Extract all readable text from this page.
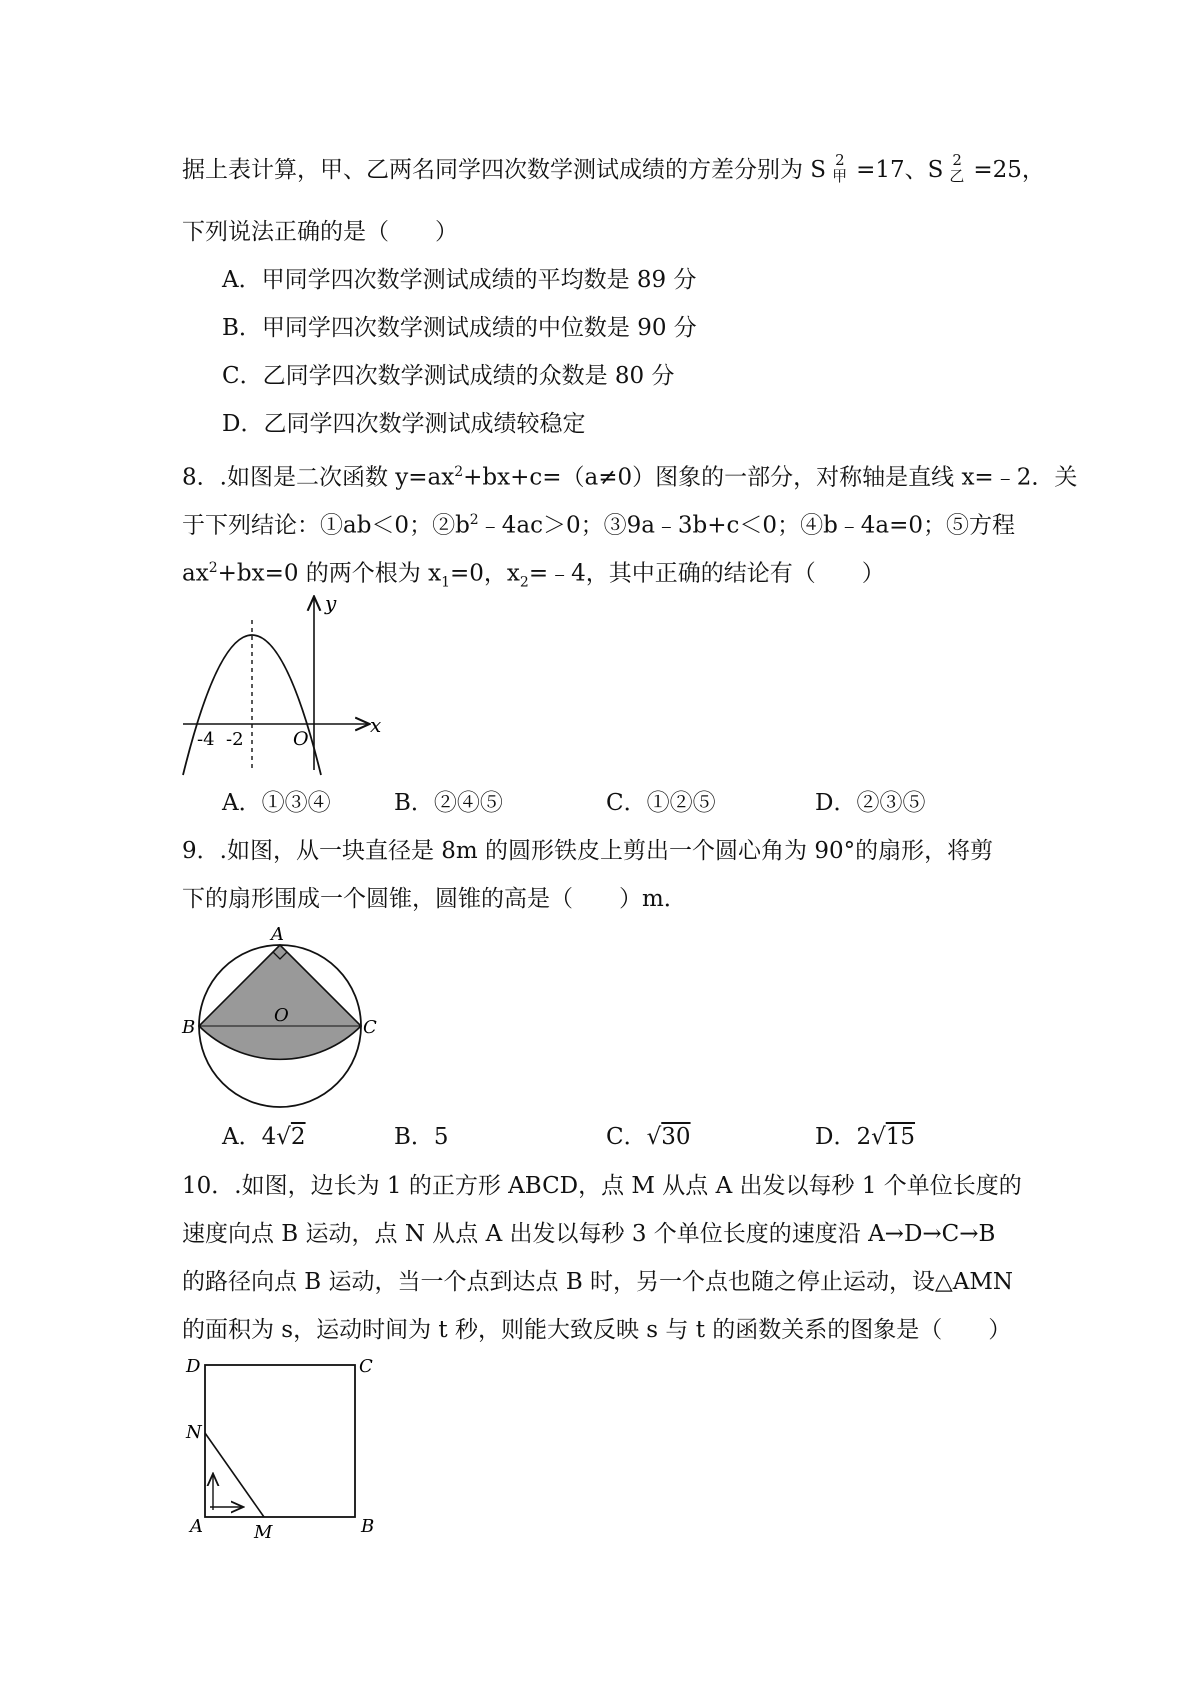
据上表计算，甲、乙两名同学四次数学测试成绩的方差分别为 S 2
甲 =17、S 2
乙 =25，
下列说法正确的是（　　）
A．甲同学四次数学测试成绩的平均数是 89 分
B．甲同学四次数学测试成绩的中位数是 90 分
C．乙同学四次数学测试成绩的众数是 80 分
D．乙同学四次数学测试成绩较稳定
8．.如图是二次函数 $y=ax^2+bx+c=(a\ne 0)$图象的一部分，对称轴是直线 x=﹣2．关
于下列结论：①ab＜0；$②b^2﹣4ac>0$；③9a﹣3b+c＜0；④b﹣4a=0；⑤方程
$ax^2+bx=0$ 的两个根为 $x_1=0$，$x_2=﹣4$，其中正确的结论有（　　）
y
x
O
-4 -2
A．①③④	B．②④⑤	C．①②⑤	D．②③⑤
9．.如图，从一块直径是 8m 的圆形铁皮上剪出一个圆心角为 90°的扇形，将剪
下的扇形围成一个圆锥，圆锥的高是（　　）m．
A
B	C
O
A．4√2	B．5	C．√30	D．2√15
10．.如图，边长为 1 的正方形 ABCD，点 M 从点 A 出发以每秒 1 个单位长度的
速度向点 B 运动，点 N 从点 A 出发以每秒 3 个单位长度的速度沿 A→D→C→B
的路径向点 B 运动，当一个点到达点 B 时，另一个点也随之停止运动，设△AMN
的面积为 s，运动时间为 t 秒，则能大致反映 s 与 t 的函数关系的图象是（　　）
D	C
N
A	M	B
